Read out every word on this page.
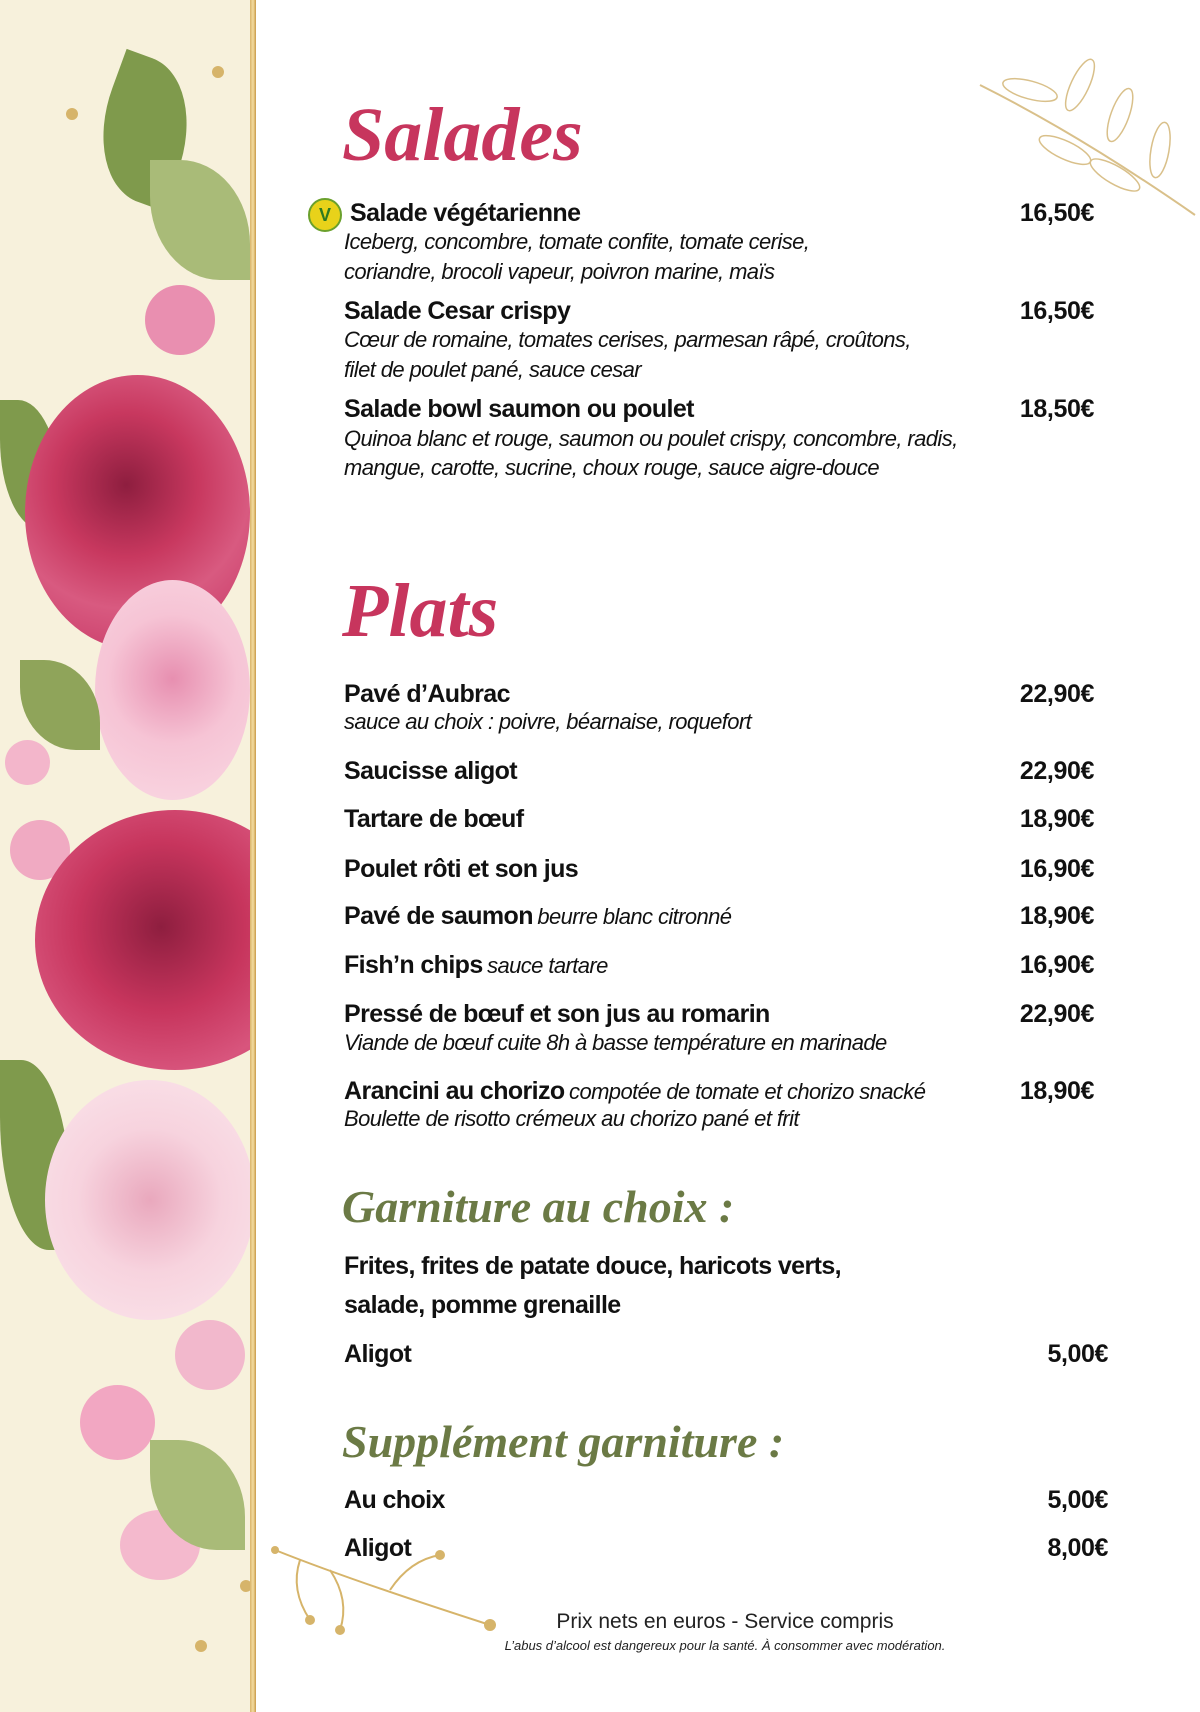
Salades
V Salade végétarienne	16,50€
Iceberg, concombre, tomate confite, tomate cerise,
coriandre, brocoli vapeur, poivron marine, maïs
Salade Cesar crispy	16,50€
Cœur de romaine, tomates cerises, parmesan râpé, croûtons,
filet de poulet pané, sauce cesar
Salade bowl saumon ou poulet	18,50€
Quinoa blanc et rouge, saumon ou poulet crispy, concombre, radis,
mangue, carotte, sucrine, choux rouge, sauce aigre-douce
Plats
Pavé d’Aubrac	22,90€
sauce au choix : poivre, béarnaise, roquefort
Saucisse aligot	22,90€
Tartare de bœuf	18,90€
Poulet rôti et son jus	16,90€
Pavé de saumon beurre blanc citronné	18,90€
Fish’n chips sauce tartare	16,90€
Pressé de bœuf et son jus au romarin	22,90€
Viande de bœuf cuite 8h à basse température en marinade
Arancini au chorizo compotée de tomate et chorizo snacké	18,90€
Boulette de risotto crémeux au chorizo pané et frit
Garniture au choix :
Frites, frites de patate douce, haricots verts,
salade, pomme grenaille
Aligot	5,00€
Supplément garniture :
Au choix	5,00€
Aligot	8,00€
Prix nets en euros - Service compris
L’abus d’alcool est dangereux pour la santé. À consommer avec modération.
